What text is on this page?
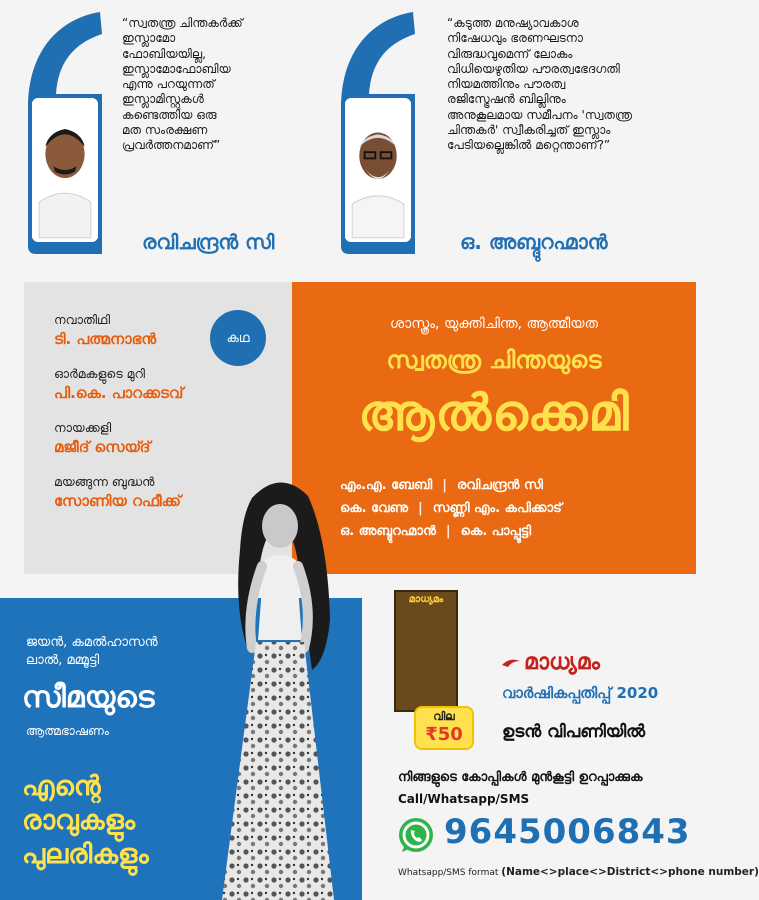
“സ്വതന്ത്ര ചിന്തകർക്ക്
ഇസ്ലാമോ
ഫോബിയയില്ല,
ഇസ്ലാമോഫോബിയ
എന്നു പറയുന്നത്
ഇസ്ലാമിസ്റ്റുകൾ
കണ്ടെത്തിയ ഒരു
മത സംരക്ഷണ
പ്രവർത്തനമാണ്”
രവിചന്ദ്രൻ സി
“കടുത്ത മനുഷ്യാവകാശ
നിഷേധവും ഭരണഘടനാ
വിരുദ്ധവുമെന്ന് ലോകം
വിധിയെഴുതിയ പൗരത്വഭേദഗതി
നിയമത്തിനും പൗരത്വ
രജിസ്ട്രേഷൻ ബില്ലിനും
അനുകൂലമായ സമീപനം 'സ്വതന്ത്ര
ചിന്തകർ' സ്വീകരിച്ചത് ഇസ്ലാം
പേടിയല്ലെങ്കിൽ മറ്റെന്താണ്?”
ഒ. അബ്ദുറഹ്മാൻ
നവാതിഥി
ടി. പത്മനാഭൻ
ഓർമകളുടെ മുറി
പി.കെ. പാറക്കടവ്
നായക്കളി
മജീദ് സെയ്ദ്
മയങ്ങുന്ന ബുദ്ധൻ
സോണിയ റഫീക്ക്
കഥ
ശാസ്ത്രം, യുക്തിചിന്ത, ആത്മീയത
സ്വതന്ത്ര ചിന്തയുടെ
ആൽക്കെമി
എം.എ. ബേബി | രവിചന്ദ്രൻ സി
കെ. വേണു | സണ്ണി എം. കപിക്കാട്
ഒ. അബ്ദുറഹ്മാൻ | കെ. പാപ്പൂട്ടി
ജയൻ, കമൽഹാസൻ
ലാൽ, മമ്മൂട്ടി
സീമയുടെ
ആത്മഭാഷണം
എന്റെ
രാവുകളും
പുലരികളും
മാധ്യമം
വില
₹50
മാധ്യമം
വാർഷികപ്പതിപ്പ് 2020
ഉടൻ വിപണിയിൽ
നിങ്ങളുടെ കോപ്പികൾ മുൻകൂട്ടി ഉറപ്പാക്കുക
Call/Whatsapp/SMS
9645006843
Whatsapp/SMS format (Name<>place<>District<>phone number)
